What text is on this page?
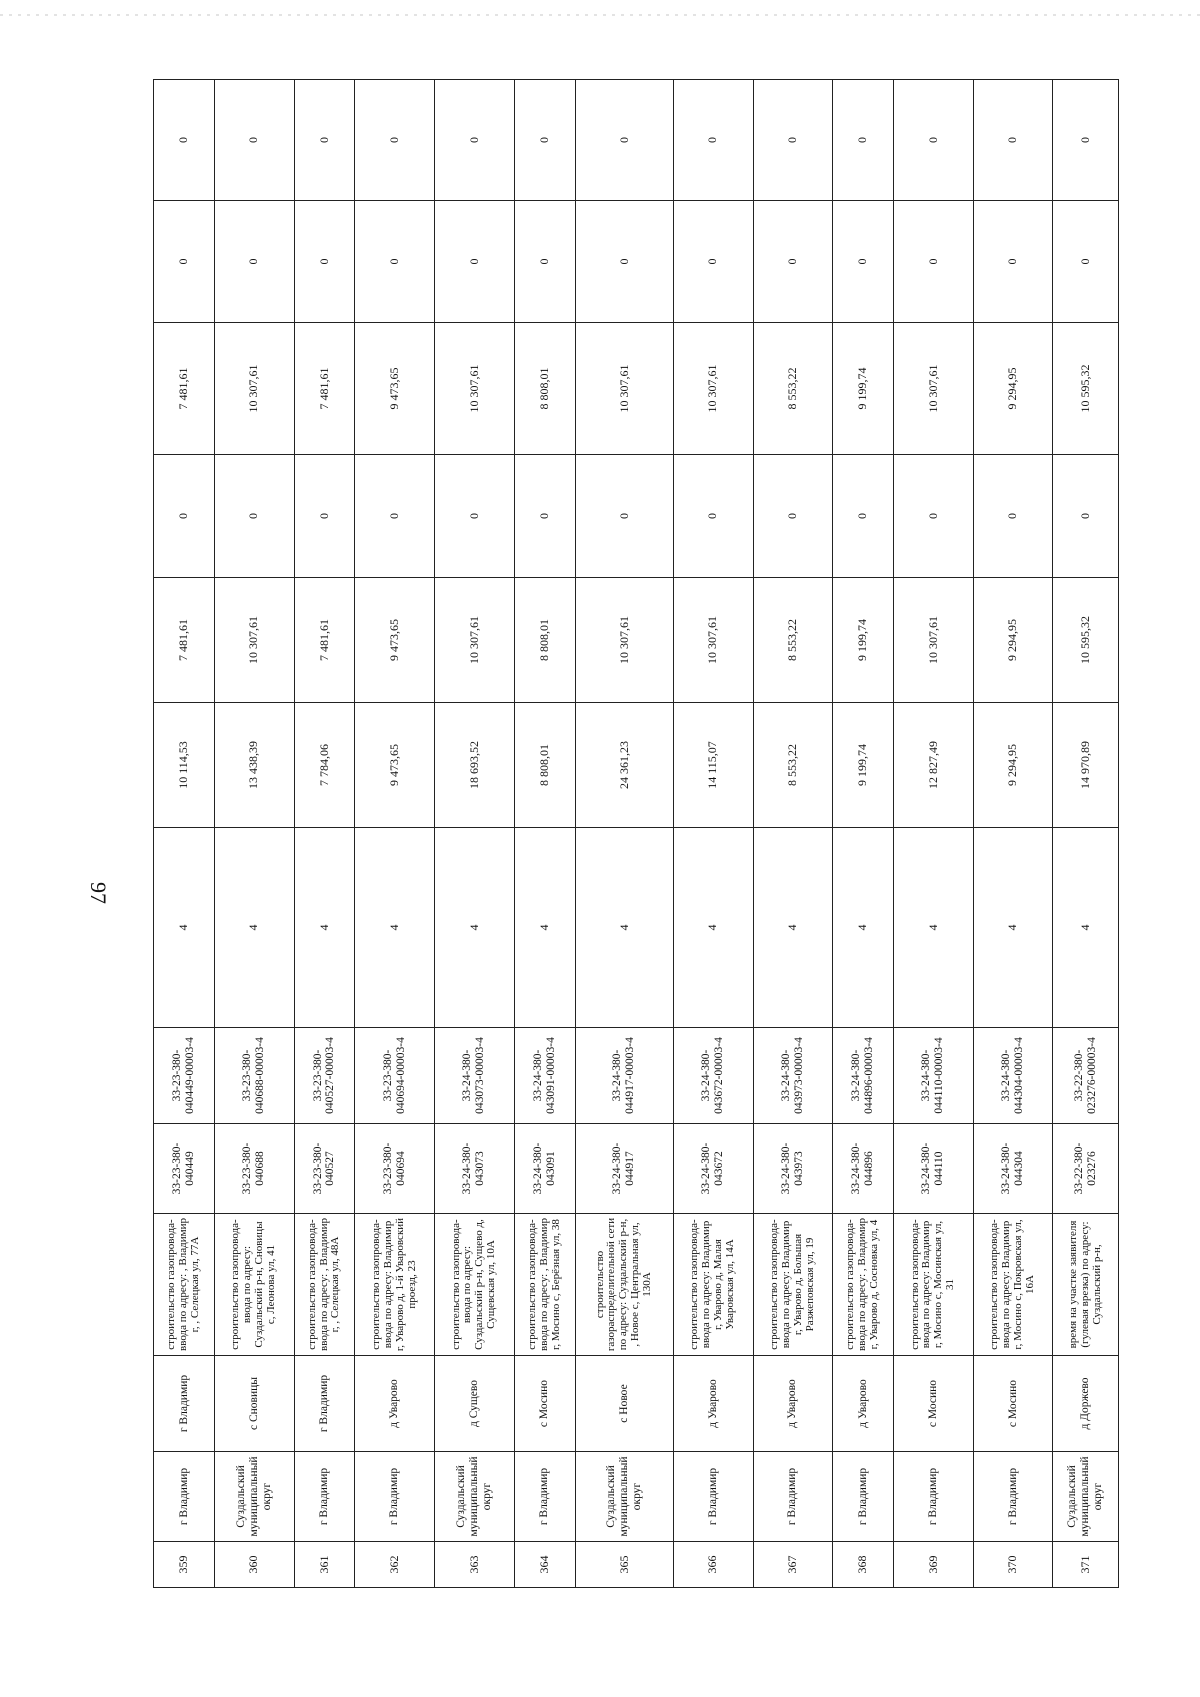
97
359	г Владимир	г Владимир	строительство газопровода-ввода по адресу: , Владимир г, , Селецкая ул, 77А	33-23-380-040449	33-23-380-040449-00003-4	4	10 114,53	7 481,61	0	7 481,61	0	0
360	Суздальский муниципальный округ	с Сновицы	строительство газопровода-ввода по адресу: Суздальский р-н, Сновицы с, Леонова ул, 41	33-23-380-040688	33-23-380-040688-00003-4	4	13 438,39	10 307,61	0	10 307,61	0	0
361	г Владимир	г Владимир	строительство газопровода-ввода по адресу: , Владимир г, , Селецкая ул, 48А	33-23-380-040527	33-23-380-040527-00003-4	4	7 784,06	7 481,61	0	7 481,61	0	0
362	г Владимир	д Уварово	строительство газопровода-ввода по адресу: Владимир г, Уварово д, 1-й Уваровский проезд, 23	33-23-380-040694	33-23-380-040694-00003-4	4	9 473,65	9 473,65	0	9 473,65	0	0
363	Суздальский муниципальный округ	д Сущево	строительство газопровода-ввода по адресу: Суздальский р-н, Сущево д, Сущевская ул, 10А	33-24-380-043073	33-24-380-043073-00003-4	4	18 693,52	10 307,61	0	10 307,61	0	0
364	г Владимир	с Мосино	строительство газопровода-ввода по адресу: , Владимир г, Мосино с, Берёзная ул, 38	33-24-380-043091	33-24-380-043091-00003-4	4	8 808,01	8 808,01	0	8 808,01	0	0
365	Суздальский муниципальный округ	с Новое	строительство газораспределительной сети по адресу: Суздальский р-н, , Новое с, Центральная ул, 130А	33-24-380-044917	33-24-380-044917-00003-4	4	24 361,23	10 307,61	0	10 307,61	0	0
366	г Владимир	д Уварово	строительство газопровода-ввода по адресу: Владимир г, Уварово д, Малая Уваровская ул, 14А	33-24-380-043672	33-24-380-043672-00003-4	4	14 115,07	10 307,61	0	10 307,61	0	0
367	г Владимир	д Уварово	строительство газопровода-ввода по адресу: Владимир г, Уварово д, Большая Разжеповская ул, 19	33-24-380-043973	33-24-380-043973-00003-4	4	8 553,22	8 553,22	0	8 553,22	0	0
368	г Владимир	д Уварово	строительство газопровода-ввода по адресу: , Владимир г, Уварово д, Сосновка ул, 4	33-24-380-044896	33-24-380-044896-00003-4	4	9 199,74	9 199,74	0	9 199,74	0	0
369	г Владимир	с Мосино	строительство газопровода-ввода по адресу: Владимир г, Мосино с, Мосинская ул, 31	33-24-380-044110	33-24-380-044110-00003-4	4	12 827,49	10 307,61	0	10 307,61	0	0
370	г Владимир	с Мосино	строительство газопровода-ввода по адресу: Владимир г, Мосино с, Покровская ул, 16А	33-24-380-044304	33-24-380-044304-00003-4	4	9 294,95	9 294,95	0	9 294,95	0	0
371	Суздальский муниципальный округ	д Доржево	время на участке заявителя (гулевая врезка) по адресу: Суздальский р-н,	33-22-380-023276	33-22-380-023276-00003-4	4	14 970,89	10 595,32	0	10 595,32	0	0
